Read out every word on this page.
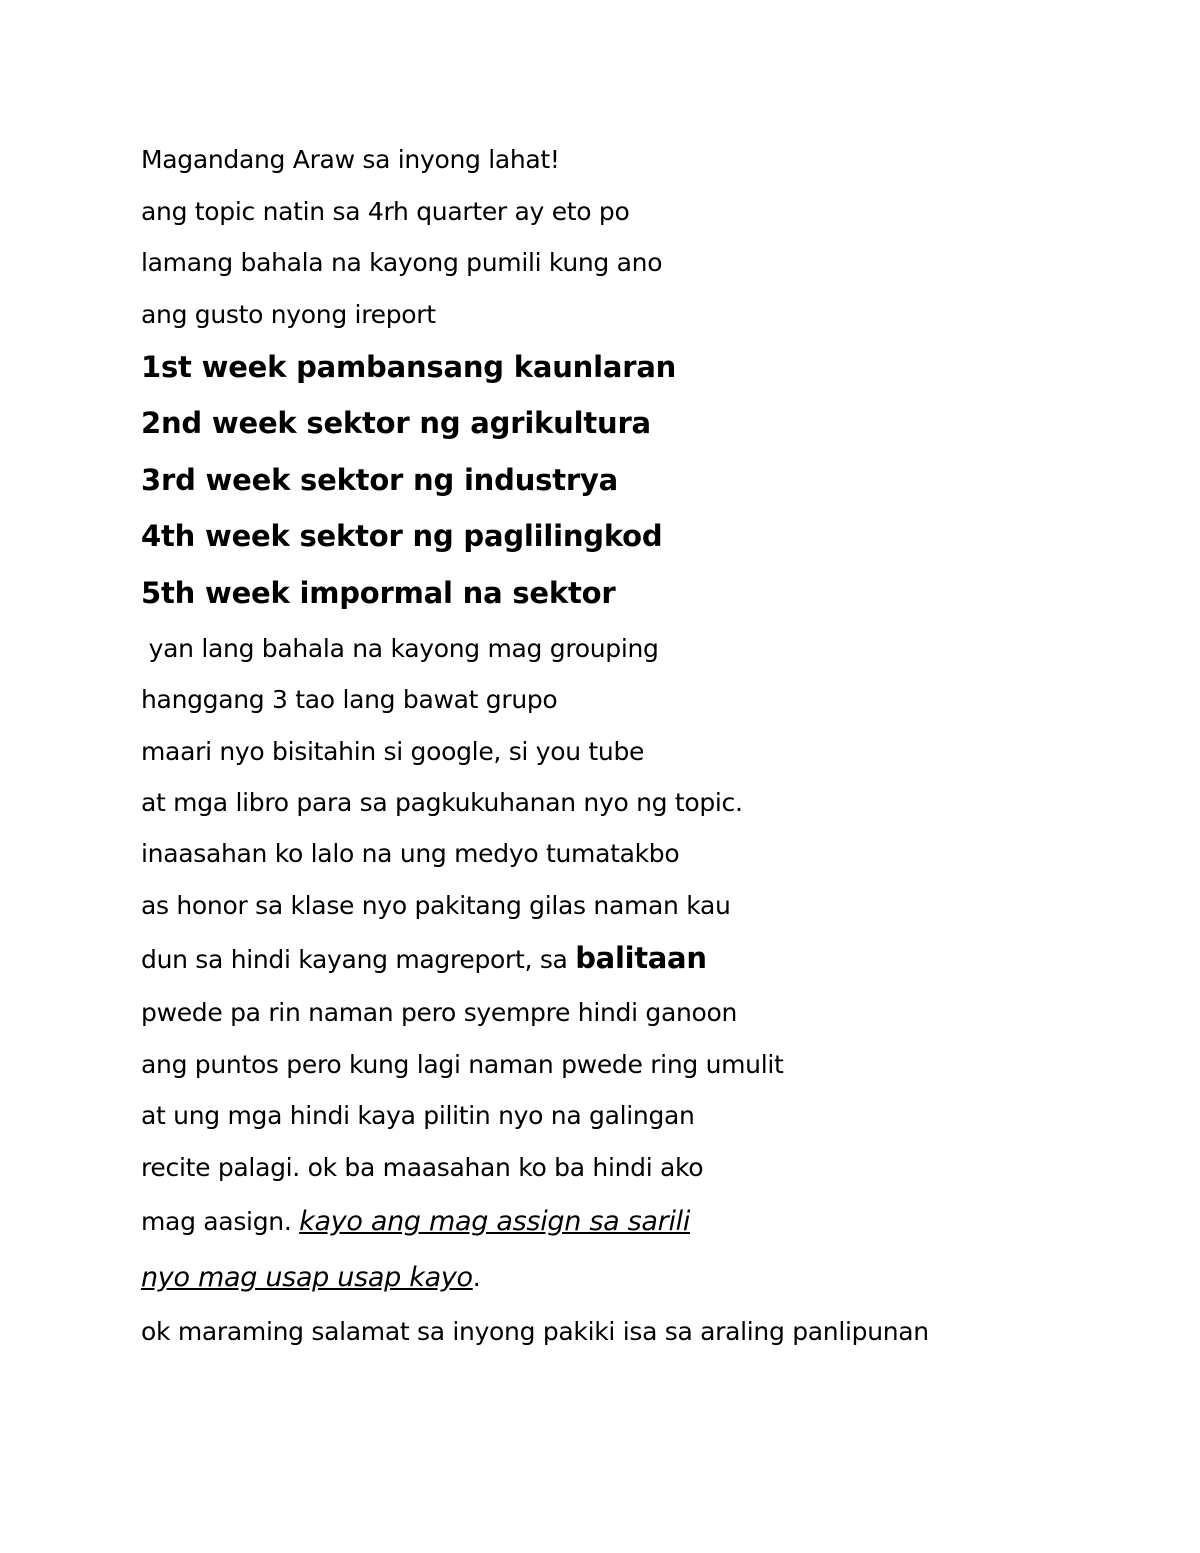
Magandang Araw sa inyong lahat!
ang topic natin sa 4rh quarter ay eto po
lamang bahala na kayong pumili kung ano
ang gusto nyong ireport
1st week pambansang kaunlaran
2nd week sektor ng agrikultura
3rd week sektor ng industrya
4th week sektor ng paglilingkod
5th week impormal na sektor
yan lang bahala na kayong mag grouping
hanggang 3 tao lang bawat grupo
maari nyo bisitahin si google, si you tube
at mga libro para sa pagkukuhanan nyo ng topic.
inaasahan ko lalo na ung medyo tumatakbo
as honor sa klase nyo pakitang gilas naman kau
dun sa hindi kayang magreport, sa balitaan
pwede pa rin naman pero syempre hindi ganoon
ang puntos pero kung lagi naman pwede ring umulit
at ung mga hindi kaya pilitin nyo na galingan
recite palagi. ok ba maasahan ko ba hindi ako
mag aasign. kayo ang mag assign sa sarili
nyo mag usap usap kayo.
ok maraming salamat sa inyong pakiki isa sa araling panlipunan
